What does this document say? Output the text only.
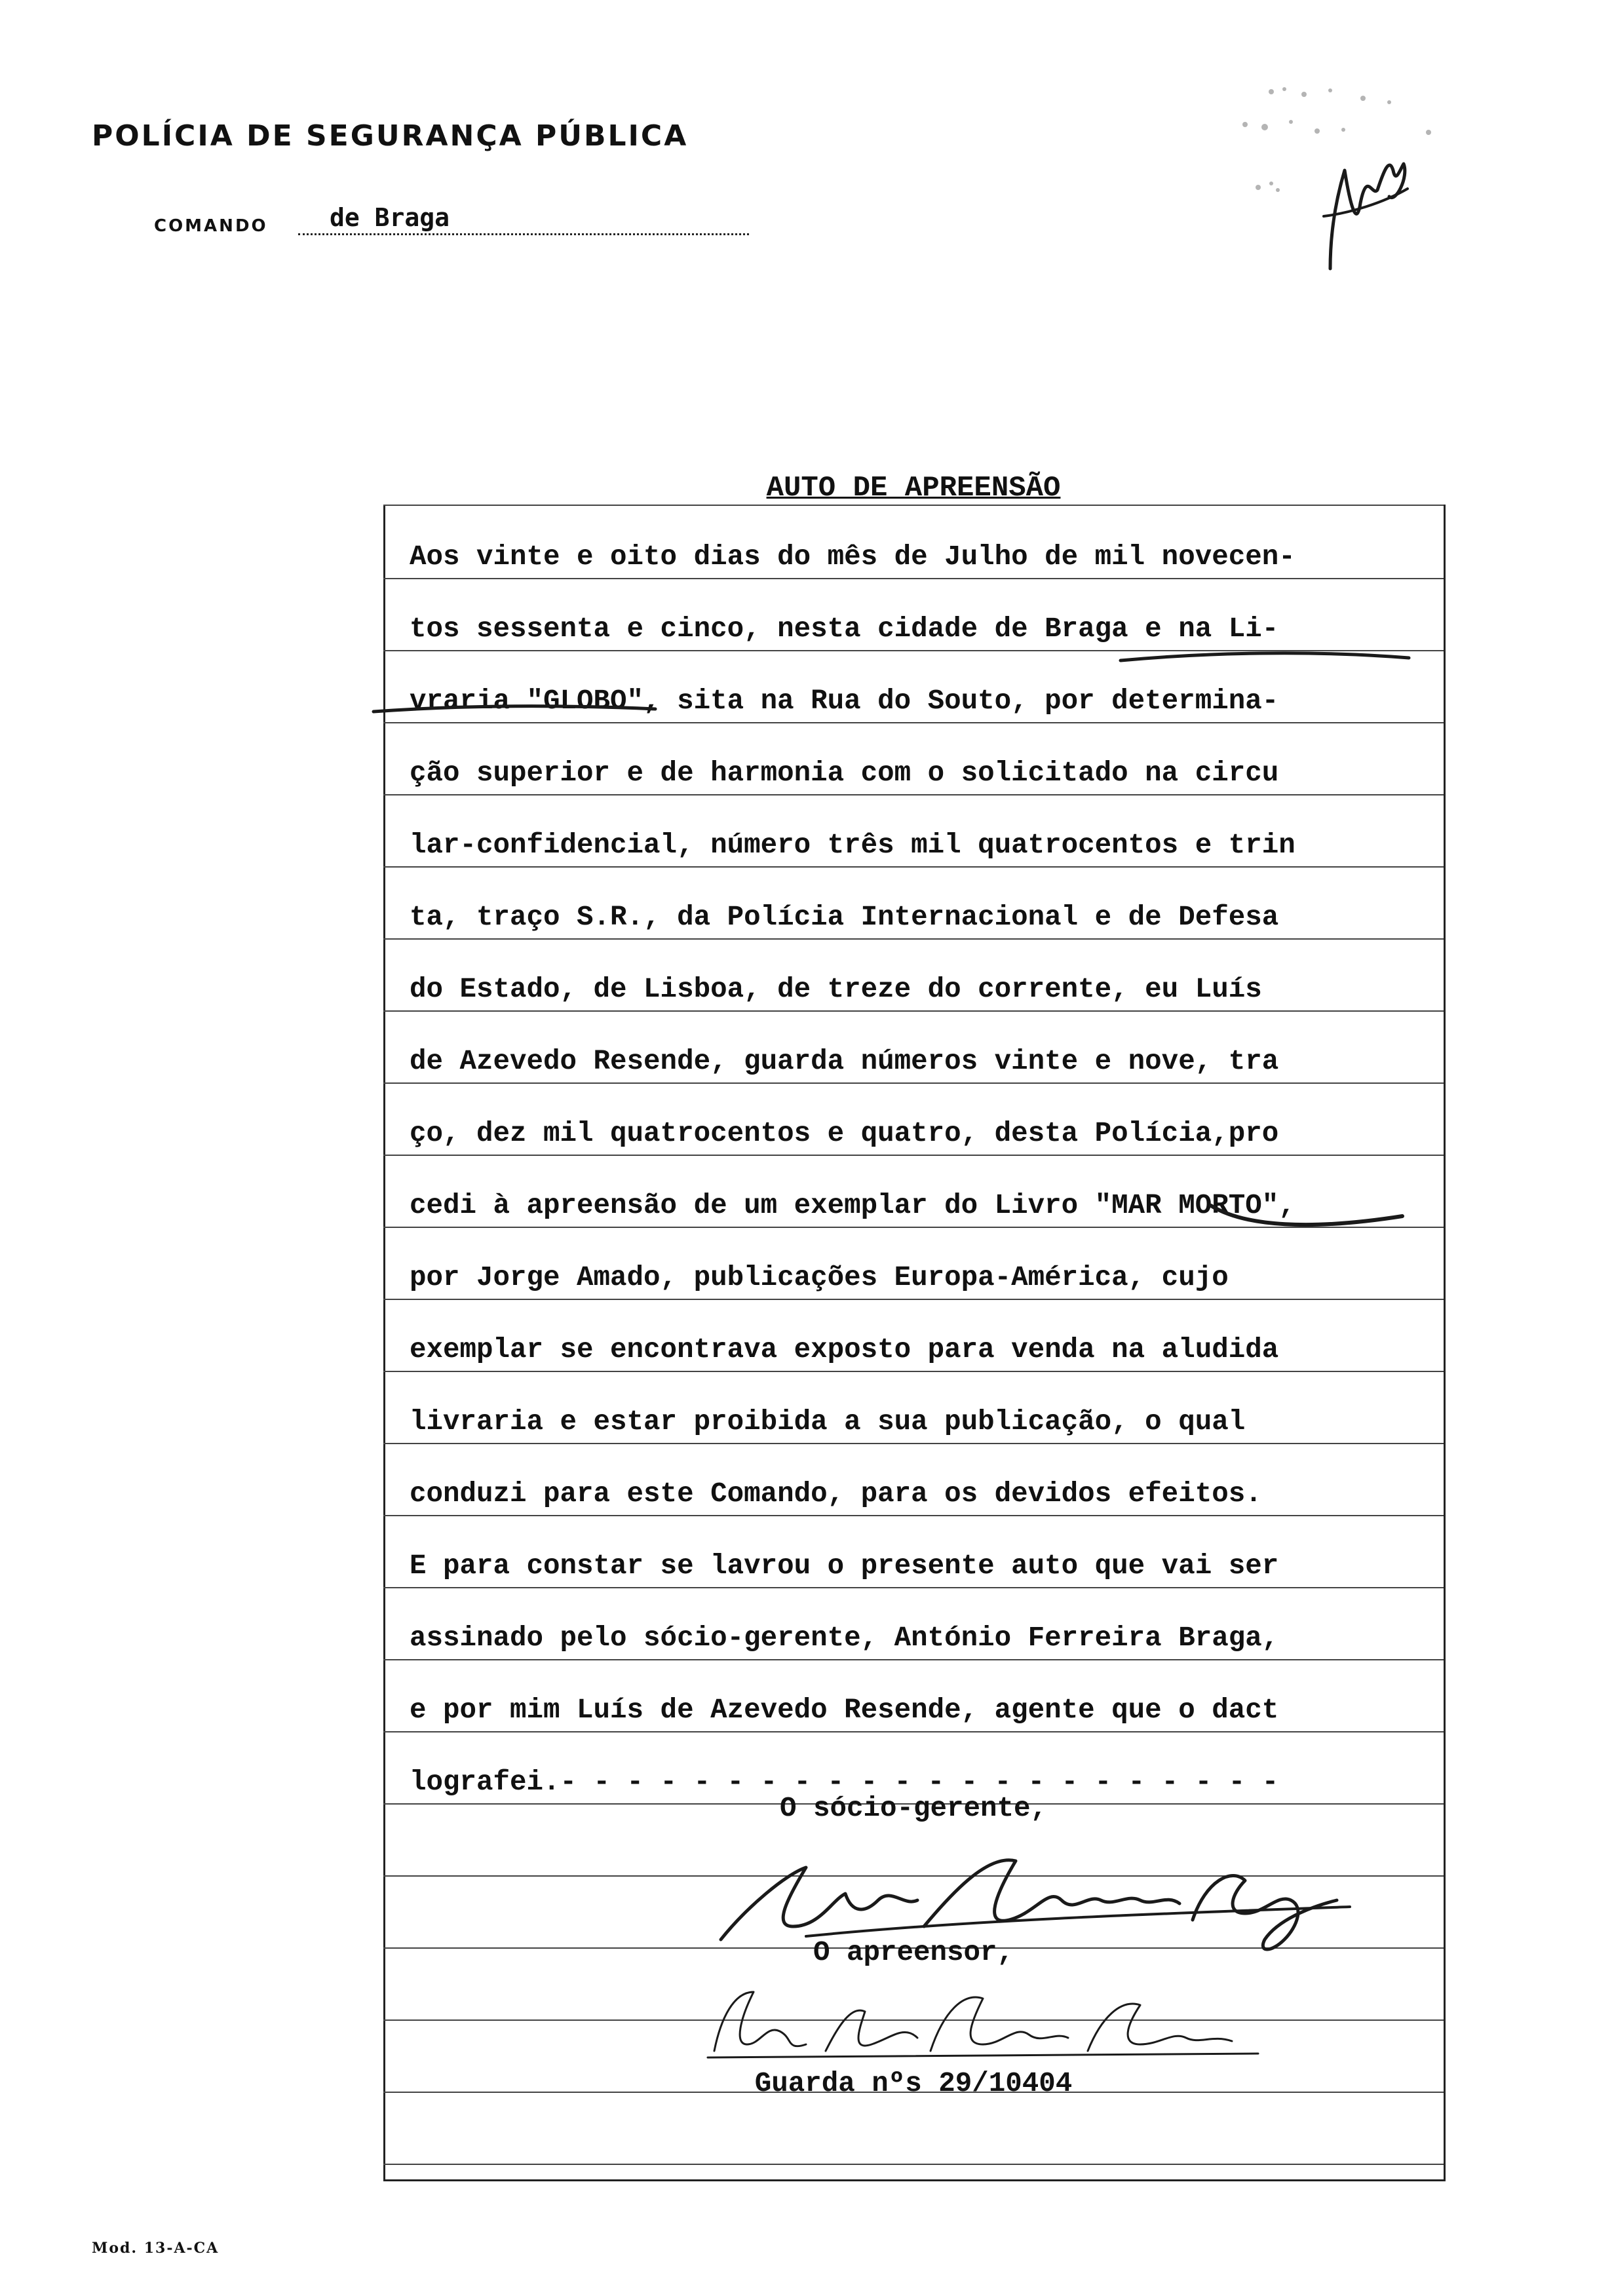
POLÍCIA DE SEGURANÇA PÚBLICA
COMANDO	de Braga
AUTO DE APREENSÃO
Aos vinte e oito dias do mês de Julho de mil novecen-
tos sessenta e cinco, nesta cidade de Braga e na Li-
vraria "GLOBO", sita na Rua do Souto, por determina-
ção superior e de harmonia com o solicitado na circu
lar-confidencial, número três mil quatrocentos e trin
ta, traço S.R., da Polícia Internacional e de Defesa
do Estado, de Lisboa, de treze do corrente, eu Luís
de Azevedo Resende, guarda números vinte e nove, tra
ço, dez mil quatrocentos e quatro, desta Polícia,pro
cedi à apreensão de um exemplar do Livro "MAR MORTO",
por Jorge Amado, publicações Europa-América, cujo
exemplar se encontrava exposto para venda na aludida
livraria e estar proibida a sua publicação, o qual
conduzi para este Comando, para os devidos efeitos.
E para constar se lavrou o presente auto que vai ser
assinado pelo sócio-gerente, António Ferreira Braga,
e por mim Luís de Azevedo Resende, agente que o dact
lografei.- - - - - - - - - - - - - - - - - - - - - -
O sócio-gerente,
O apreensor,
Guarda nºs 29/10404
Mod. 13-A-CA
